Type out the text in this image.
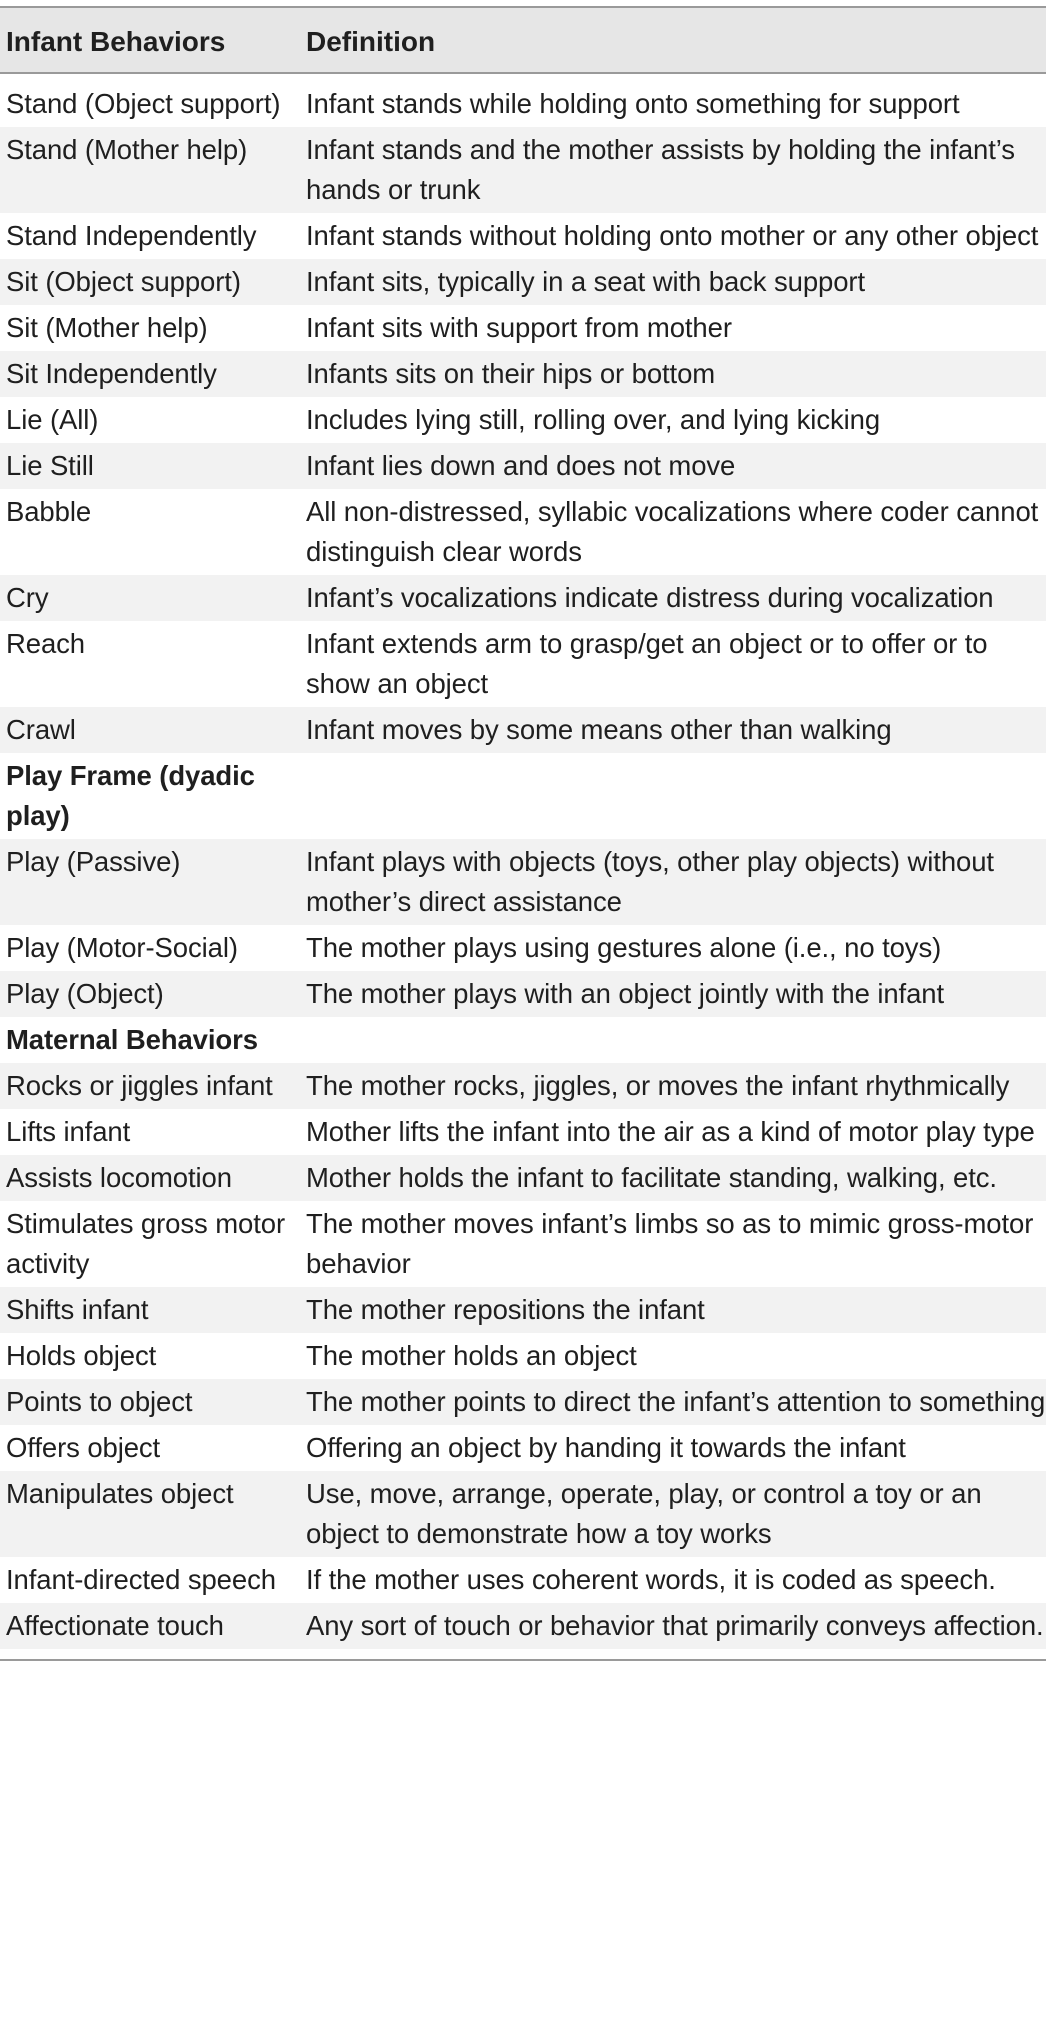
Infant Behaviors	Definition
Stand (Object support)	Infant stands while holding onto something for support
Stand (Mother help)	Infant stands and the mother assists by holding the infant’s hands or trunk
Stand Independently	Infant stands without holding onto mother or any other object
Sit (Object support)	Infant sits, typically in a seat with back support
Sit (Mother help)	Infant sits with support from mother
Sit Independently	Infants sits on their hips or bottom
Lie (All)	Includes lying still, rolling over, and lying kicking
Lie Still	Infant lies down and does not move
Babble	All non-distressed, syllabic vocalizations where coder cannot distinguish clear words
Cry	Infant’s vocalizations indicate distress during vocalization
Reach	Infant extends arm to grasp/get an object or to offer or to show an object
Crawl	Infant moves by some means other than walking
Play Frame (dyadic play)	
Play (Passive)	Infant plays with objects (toys, other play objects) without mother’s direct assistance
Play (Motor-Social)	The mother plays using gestures alone (i.e., no toys)
Play (Object)	The mother plays with an object jointly with the infant
Maternal Behaviors	
Rocks or jiggles infant	The mother rocks, jiggles, or moves the infant rhythmically
Lifts infant	Mother lifts the infant into the air as a kind of motor play type
Assists locomotion	Mother holds the infant to facilitate standing, walking, etc.
Stimulates gross motor activity	The mother moves infant’s limbs so as to mimic gross-motor behavior
Shifts infant	The mother repositions the infant
Holds object	The mother holds an object
Points to object	The mother points to direct the infant’s attention to something
Offers object	Offering an object by handing it towards the infant
Manipulates object	Use, move, arrange, operate, play, or control a toy or an object to demonstrate how a toy works
Infant-directed speech	If the mother uses coherent words, it is coded as speech.
Affectionate touch	Any sort of touch or behavior that primarily conveys affection.
